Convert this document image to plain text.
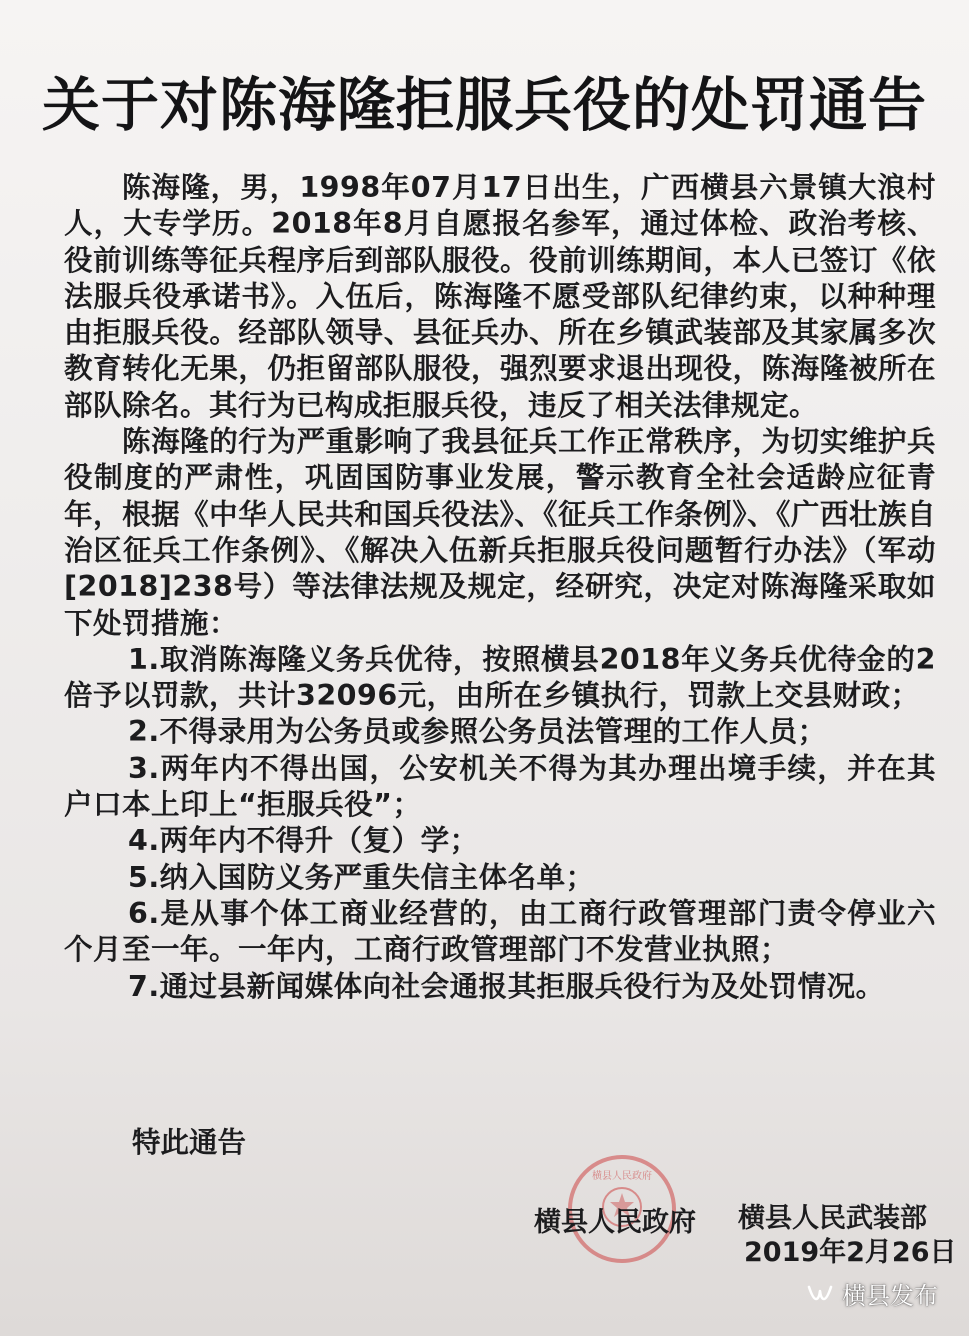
关于对陈海隆拒服兵役的处罚通告

陈海隆，男，1998年07月17日出生，广西横县六景镇大浪村人，大专学历。2018年8月自愿报名参军，通过体检、政治考核、役前训练等征兵程序后到部队服役。役前训练期间，本人已签订《依法服兵役承诺书》。入伍后，陈海隆不愿受部队纪律约束，以种种理由拒服兵役。经部队领导、县征兵办、所在乡镇武装部及其家属多次教育转化无果，仍拒留部队服役，强烈要求退出现役，陈海隆被所在部队除名。其行为已构成拒服兵役，违反了相关法律规定。

陈海隆的行为严重影响了我县征兵工作正常秩序，为切实维护兵役制度的严肃性，巩固国防事业发展，警示教育全社会适龄应征青年，根据《中华人民共和国兵役法》、《征兵工作条例》、《广西壮族自治区征兵工作条例》、《解决入伍新兵拒服兵役问题暂行办法》（军动[2018]238号）等法律法规及规定，经研究，决定对陈海隆采取如下处罚措施：

1.取消陈海隆义务兵优待，按照横县2018年义务兵优待金的2倍予以罚款，共计32096元，由所在乡镇执行，罚款上交县财政；

2.不得录用为公务员或参照公务员法管理的工作人员；

3.两年内不得出国，公安机关不得为其办理出境手续，并在其户口本上印上“拒服兵役”；

4.两年内不得升（复）学；

5.纳入国防义务严重失信主体名单；

6.是从事个体工商业经营的，由工商行政管理部门责令停业六个月至一年。一年内，工商行政管理部门不发营业执照；

7.通过县新闻媒体向社会通报其拒服兵役行为及处罚情况。

特此通告
横县人民政府
横县人民政府 横县人民武装部
2019年2月26日
横县发布
